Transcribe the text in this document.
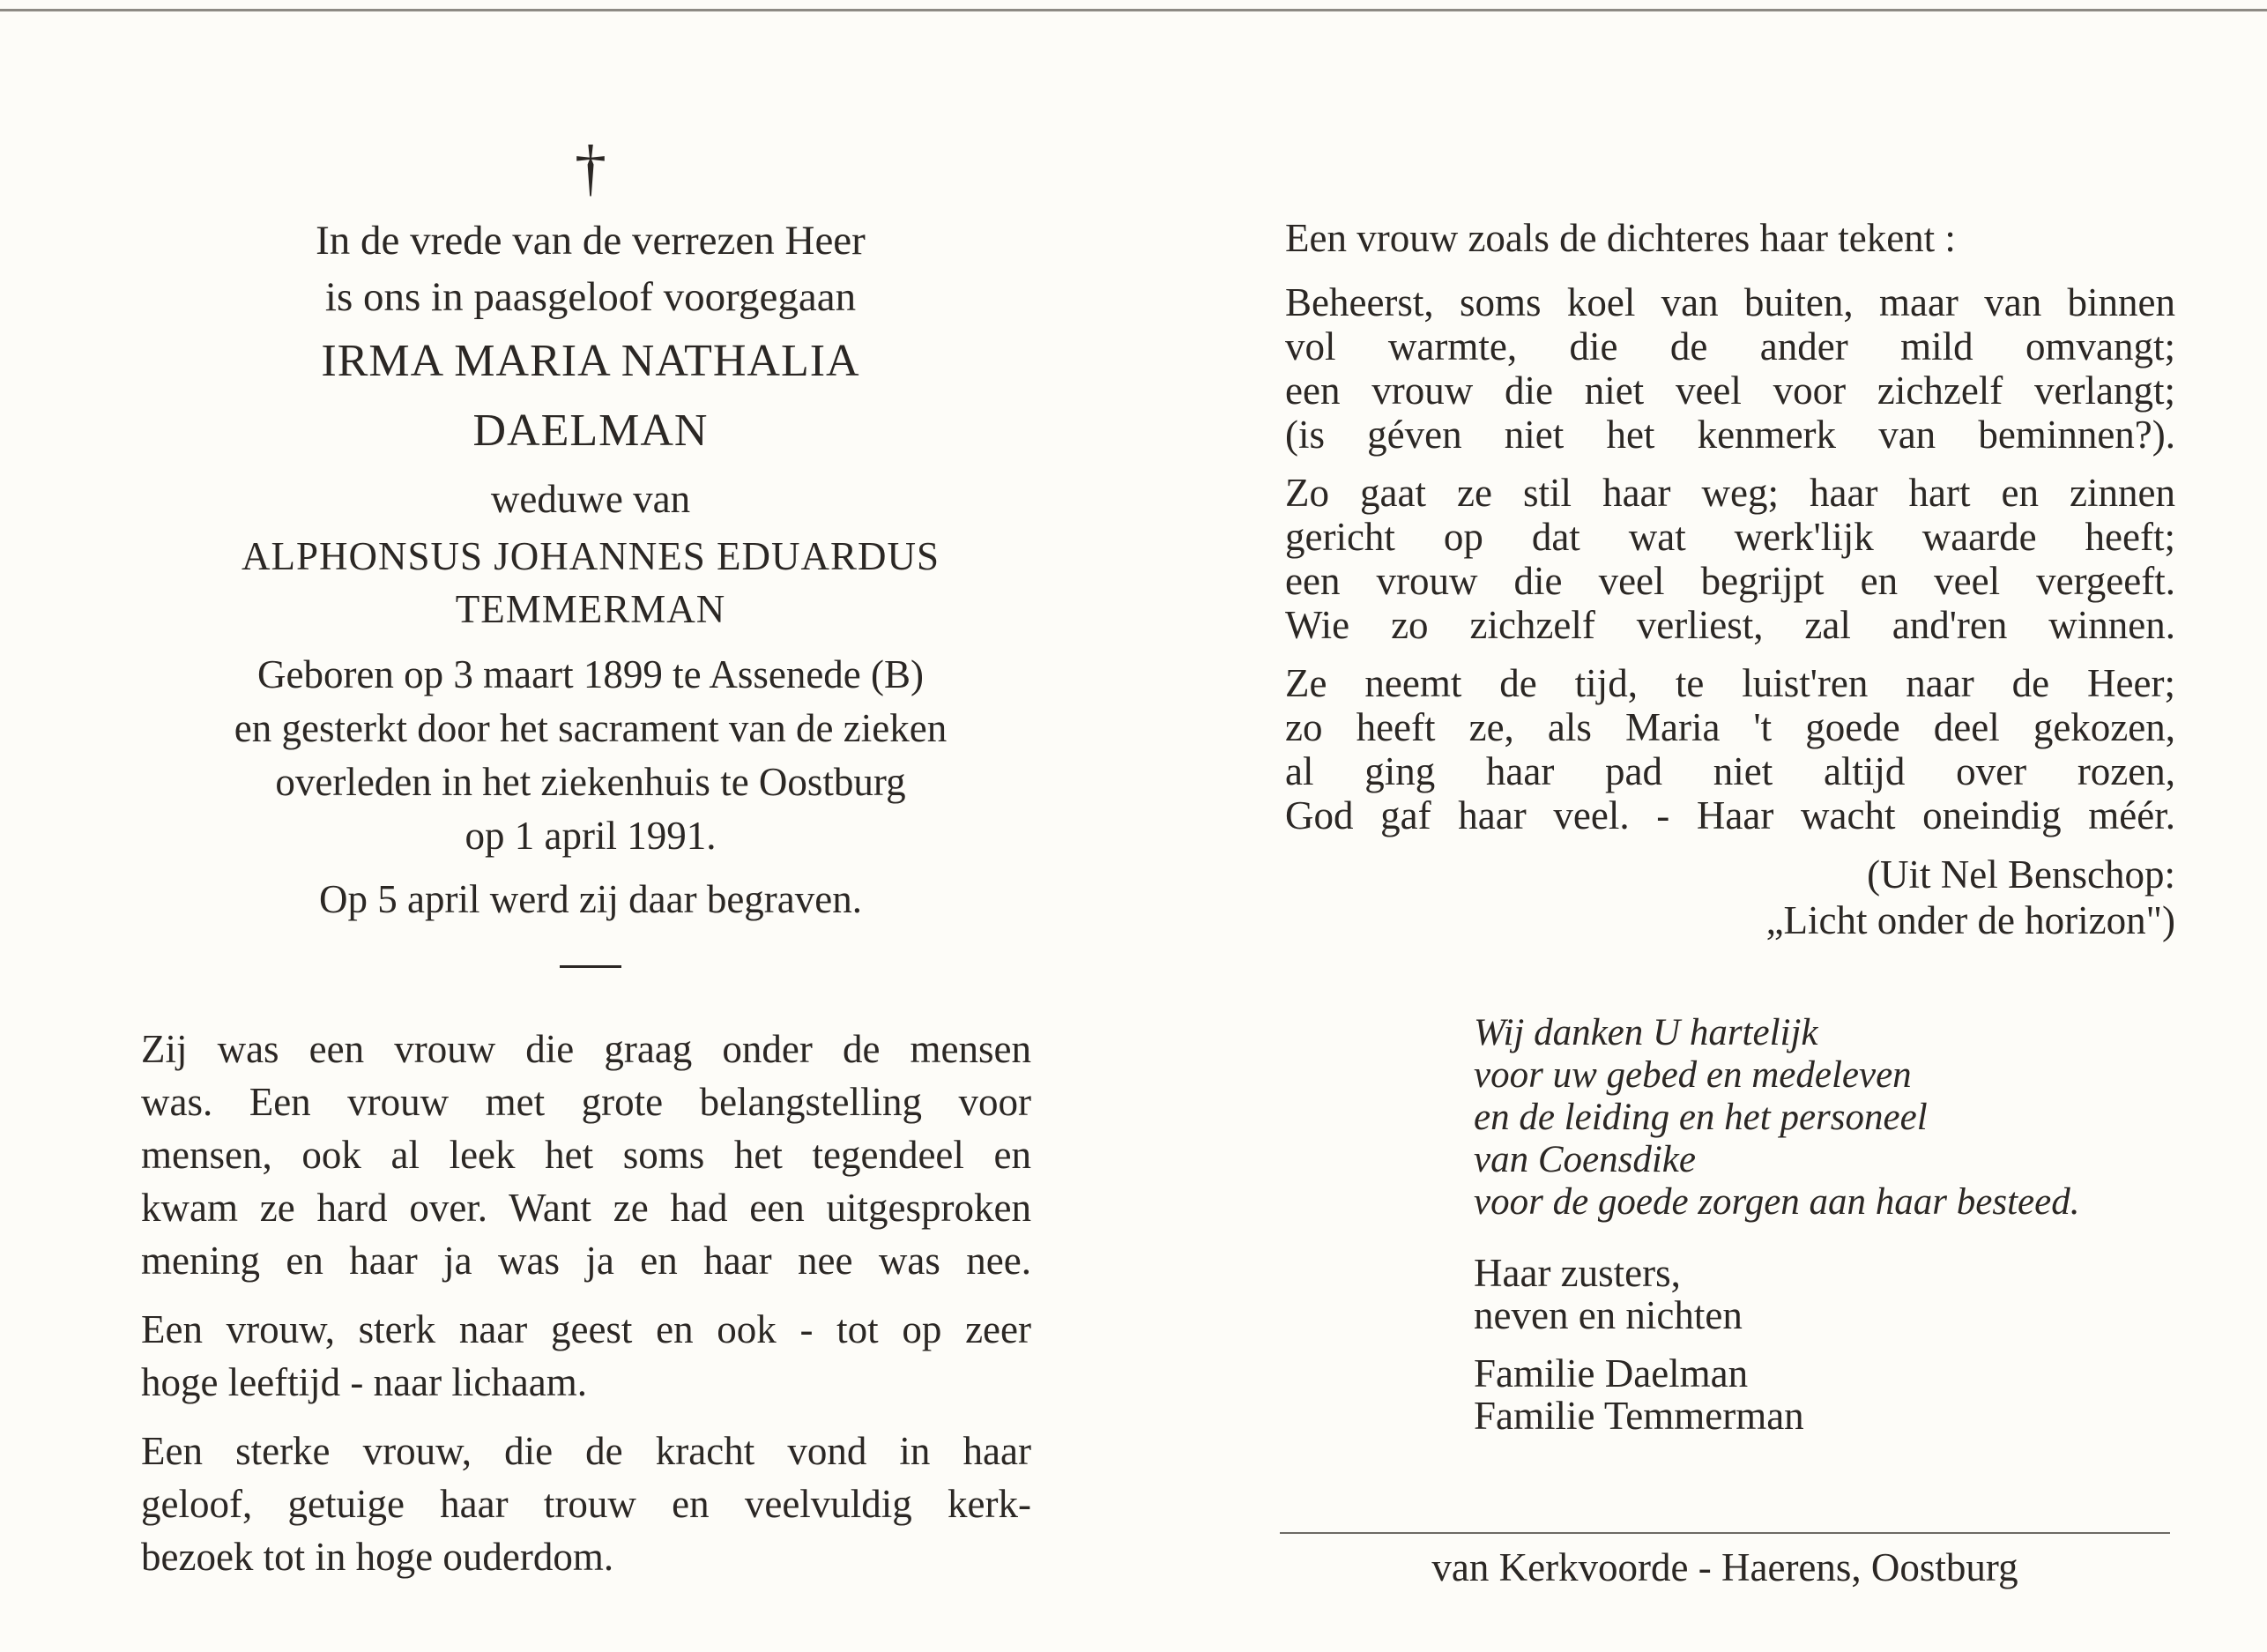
†
In de vrede van de verrezen Heer
is ons in paasgeloof voorgegaan
IRMA MARIA NATHALIA
DAELMAN
weduwe van
ALPHONSUS JOHANNES EDUARDUS
TEMMERMAN
Geboren op 3 maart 1899 te Assenede (B)
en gesterkt door het sacrament van de zieken
overleden in het ziekenhuis te Oostburg
op 1 april 1991.
Op 5 april werd zij daar begraven.
Zij was een vrouw die graag onder de mensen
was. Een vrouw met grote belangstelling voor
mensen, ook al leek het soms het tegendeel en
kwam ze hard over. Want ze had een uitgesproken
mening en haar ja was ja en haar nee was nee.
Een vrouw, sterk naar geest en ook - tot op zeer
hoge leeftijd - naar lichaam.
Een sterke vrouw, die de kracht vond in haar
geloof, getuige haar trouw en veelvuldig kerk-
bezoek tot in hoge ouderdom.
Een vrouw zoals de dichteres haar tekent :
Beheerst, soms koel van buiten, maar van binnen
vol warmte, die de ander mild omvangt;
een vrouw die niet veel voor zichzelf verlangt;
(is géven niet het kenmerk van beminnen?).
Zo gaat ze stil haar weg; haar hart en zinnen
gericht op dat wat werk'lijk waarde heeft;
een vrouw die veel begrijpt en veel vergeeft.
Wie zo zichzelf verliest, zal and'ren winnen.
Ze neemt de tijd, te luist'ren naar de Heer;
zo heeft ze, als Maria 't goede deel gekozen,
al ging haar pad niet altijd over rozen,
God gaf haar veel. - Haar wacht oneindig méér.
(Uit Nel Benschop:
„Licht onder de horizon")
Wij danken U hartelijk
voor uw gebed en medeleven
en de leiding en het personeel
van Coensdike
voor de goede zorgen aan haar besteed.
Haar zusters,
neven en nichten
Familie Daelman
Familie Temmerman
van Kerkvoorde - Haerens, Oostburg
